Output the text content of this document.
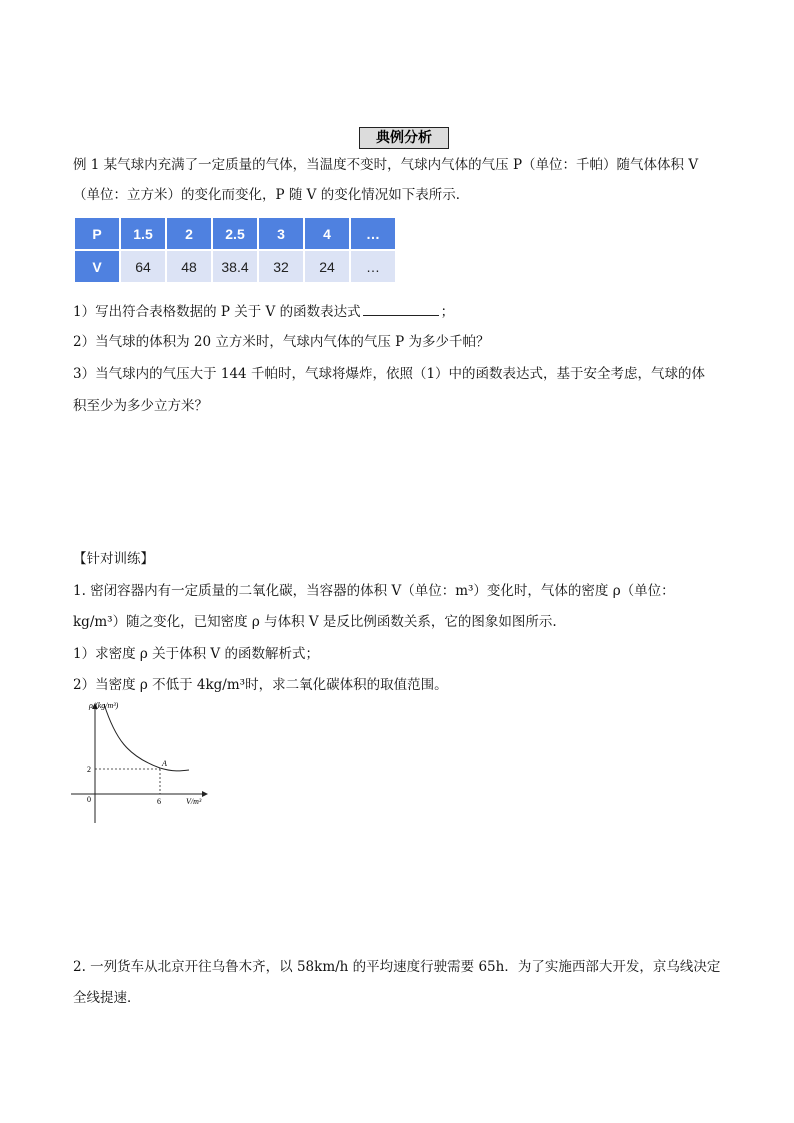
典例分析
例 1 某气球内充满了一定质量的气体，当温度不变时，气球内气体的气压 P（单位：千帕）随气体体积 V
（单位：立方米）的变化而变化，P 随 V 的变化情况如下表所示．
P	1.5	2	2.5	3	4	…
V	64	48	38.4	32	24	…
1）写出符合表格数据的 P 关于 V 的函数表达式	；
2）当气球的体积为 20 立方米时，气球内气体的气压 P 为多少千帕？
3）当气球内的气压大于 144 千帕时，气球将爆炸，依照（1）中的函数表达式，基于安全考虑，气球的体
积至少为多少立方米？
【针对训练】
1. 密闭容器内有一定质量的二氧化碳，当容器的体积 V（单位：m³）变化时，气体的密度 ρ（单位：
kg/m³）随之变化，已知密度 ρ 与体积 V 是反比例函数关系，它的图象如图所示.
1）求密度 ρ 关于体积 V 的函数解析式；
2）当密度 ρ 不低于 4kg/m³时，求二氧化碳体积的取值范围。
ρ/(kg/m³)
V/m³
0
2
6
A
2. 一列货车从北京开往乌鲁木齐，以 58km/h 的平均速度行驶需要 65h．为了实施西部大开发，京乌线决定
全线提速．
